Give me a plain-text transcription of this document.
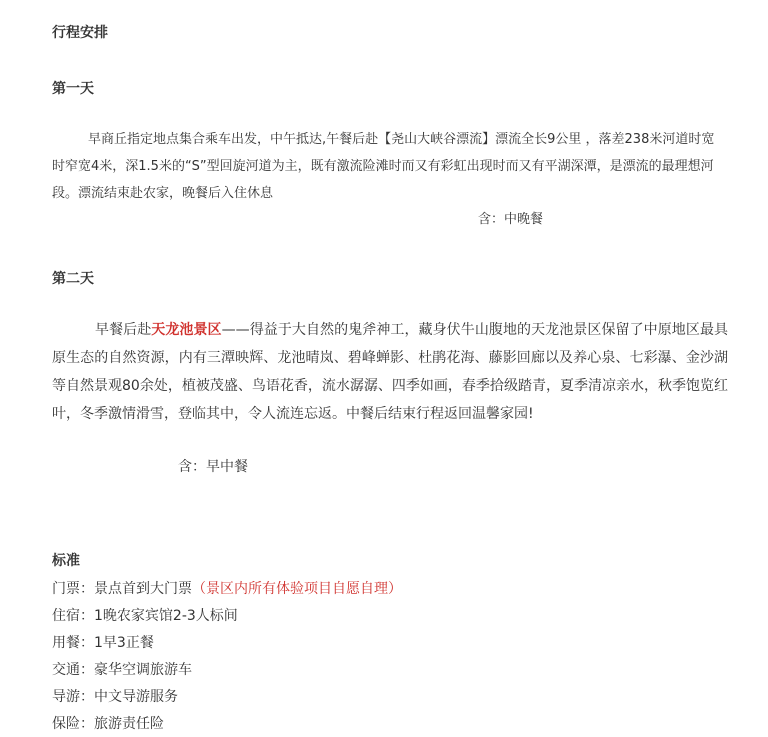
行程安排
第一天
早商丘指定地点集合乘车出发，中午抵达,午餐后赴【尧山大峡谷漂流】漂流全长9公里 ，落差238米河道时宽时窄宽4米，深1.5米的“S”型回旋河道为主，既有激流险滩时而又有彩虹出现时而又有平湖深潭，是漂流的最理想河段。漂流结束赴农家，晚餐后入住休息
含：中晚餐
第二天
早餐后赴天龙池景区——得益于大自然的鬼斧神工，藏身伏牛山腹地的天龙池景区保留了中原地区最具原生态的自然资源，内有三潭映辉、龙池晴岚、碧峰蝉影、杜鹃花海、藤影回廊以及养心泉、七彩瀑、金沙湖等自然景观80余处，植被茂盛、鸟语花香，流水潺潺、四季如画，春季拾级踏青，夏季清凉亲水，秋季饱览红叶，冬季激情滑雪，登临其中，令人流连忘返。中餐后结束行程返回温馨家园!
含：早中餐
标准
门票：景点首到大门票（景区内所有体验项目自愿自理）
住宿：1晚农家宾馆2-3人标间
用餐：1早3正餐
交通：豪华空调旅游车
导游：中文导游服务
保险：旅游责任险
